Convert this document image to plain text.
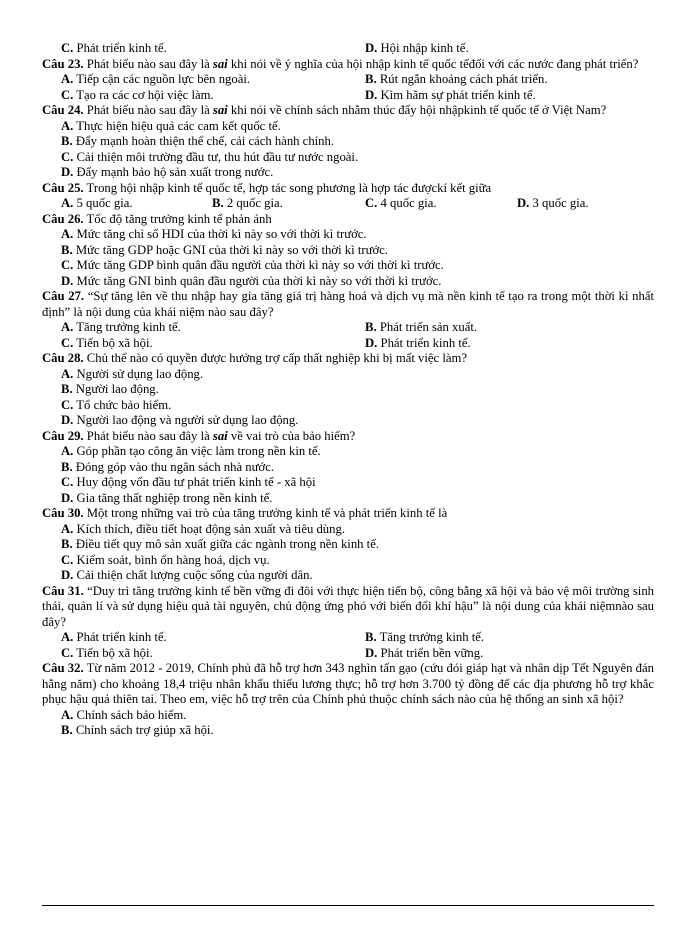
C. Phát triển kinh tế.	D. Hội nhập kinh tế.
Câu 23. Phát biểu nào sau đây là sai khi nói về ý nghĩa của hội nhập kinh tế quốc tếđối với các nước đang phát triển?
A. Tiếp cận các nguồn lực bên ngoài.	B. Rút ngắn khoảng cách phát triển.
C. Tạo ra các cơ hội việc làm.	D. Kìm hãm sự phát triển kinh tế.
Câu 24. Phát biểu nào sau đây là sai khi nói về chính sách nhằm thúc đẩy hội nhậpkinh tế quốc tế ở Việt Nam?
A. Thực hiện hiệu quả các cam kết quốc tế.
B. Đẩy mạnh hoàn thiện thể chế, cải cách hành chính.
C. Cải thiện môi trường đầu tư, thu hút đầu tư nước ngoài.
D. Đẩy mạnh bảo hộ sản xuất trong nước.
Câu 25. Trong hội nhập kinh tế quốc tế, hợp tác song phương là hợp tác đượckí kết giữa
A. 5 quốc gia.	B. 2 quốc gia.	C. 4 quốc gia.	D. 3 quốc gia.
Câu 26. Tốc độ tăng trưởng kinh tế phản ánh
A. Mức tăng chỉ số HDI của thời kì này so với thời kì trước.
B. Mức tăng GDP hoặc GNI của thời kì này so với thời kì trước.
C. Mức tăng GDP bình quân đầu người của thời kì này so với thời kì trước.
D. Mức tăng GNI bình quân đầu người của thời kì này so với thời kì trước.
Câu 27. “Sự tăng lên về thu nhập hay gia tăng giá trị hàng hoá và dịch vụ mà nền kinh tế tạo ra trong một thời kì nhất định” là nội dung của khái niệm nào sau đây?
A. Tăng trưởng kinh tế.	B. Phát triển sản xuất.
C. Tiến bộ xã hội.	D. Phát triển kinh tế.
Câu 28. Chủ thể nào có quyền được hưởng trợ cấp thất nghiệp khi bị mất việc làm?
A. Người sử dụng lao động.
B. Người lao động.
C. Tổ chức bảo hiểm.
D. Người lao động và người sử dụng lao động.
Câu 29. Phát biểu nào sau đây là sai về vai trò của bảo hiểm?
A. Góp phần tạo công ăn việc làm trong nền kin tế.
B. Đóng góp vào thu ngân sách nhà nước.
C. Huy động vốn đầu tư phát triển kinh tế - xã hội
D. Gia tăng thất nghiệp trong nền kinh tế.
Câu 30. Một trong những vai trò của tăng trưởng kinh tế và phát triển kinh tế là
A. Kích thích, điều tiết hoạt động sản xuất và tiêu dùng.
B. Điều tiết quy mô sản xuất giữa các ngành trong nền kinh tế.
C. Kiểm soát, bình ổn hàng hoá, dịch vụ.
D. Cải thiện chất lượng cuộc sống của người dân.
Câu 31. “Duy trì tăng trưởng kinh tế bền vững đi đôi với thực hiện tiến bộ, công bằng xã hội và bảo vệ môi trường sinh thái, quản lí và sử dụng hiệu quả tài nguyên, chủ động ứng phó với biến đổi khí hậu” là nội dung của khái niệmnào sau đây?
A. Phát triển kinh tế.	B. Tăng trưởng kinh tế.
C. Tiến bộ xã hội.	D. Phát triển bền vững.
Câu 32. Từ năm 2012 - 2019, Chính phủ đã hỗ trợ hơn 343 nghìn tấn gạo (cứu đói giáp hạt và nhân dịp Tết Nguyên đán hằng năm) cho khoảng 18,4 triệu nhân khẩu thiếu lương thực; hỗ trợ hơn 3.700 tỷ đồng để các địa phương hỗ trợ khắc phục hậu quả thiên tai. Theo em, việc hỗ trợ trên của Chính phủ thuộc chính sách nào của hệ thống an sinh xã hội?
A. Chính sách bảo hiểm.
B. Chính sách trợ giúp xã hội.
